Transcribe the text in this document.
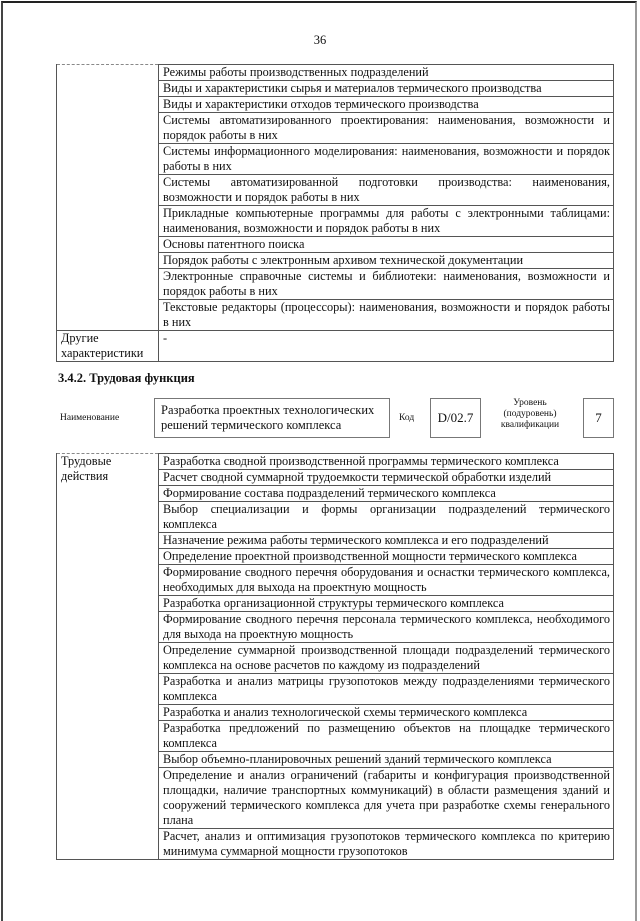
36
	Режимы работы производственных подразделений
	Виды и характеристики сырья и материалов термического производства
	Виды и характеристики отходов термического производства
	Системы автоматизированного проектирования: наименования, возможности и порядок работы в них
	Системы информационного моделирования: наименования, возможности и порядок работы в них
	Системы автоматизированной подготовки производства: наименования, возможности и порядок работы в них
	Прикладные компьютерные программы для работы с электронными таблицами: наименования, возможности и порядок работы в них
	Основы патентного поиска
	Порядок работы с электронным архивом технической документации
	Электронные справочные системы и библиотеки: наименования, возможности и порядок работы в них
	Текстовые редакторы (процессоры): наименования, возможности и порядок работы в них
Другие характеристики	-
3.4.2. Трудовая функция
Наименование
Разработка проектных технологических решений термического комплекса	Код	D/02.7
Уровень
(подуровень)
квалификации	7
Трудовые действия	Разработка сводной производственной программы термического комплекса
Расчет сводной суммарной трудоемкости термической обработки изделий
Формирование состава подразделений термического комплекса
Выбор специализации и формы организации подразделений термического комплекса
Назначение режима работы термического комплекса и его подразделений
Определение проектной производственной мощности термического комплекса
Формирование сводного перечня оборудования и оснастки термического комплекса, необходимых для выхода на проектную мощность
Разработка организационной структуры термического комплекса
Формирование сводного перечня персонала термического комплекса, необходимого для выхода на проектную мощность
Определение суммарной производственной площади подразделений термического комплекса на основе расчетов по каждому из подразделений
Разработка и анализ матрицы грузопотоков между подразделениями термического комплекса
Разработка и анализ технологической схемы термического комплекса
Разработка предложений по размещению объектов на площадке термического комплекса
Выбор объемно-планировочных решений зданий термического комплекса
Определение и анализ ограничений (габариты и конфигурация производственной площадки, наличие транспортных коммуникаций) в области размещения зданий и сооружений термического комплекса для учета при разработке схемы генерального плана
Расчет, анализ и оптимизация грузопотоков термического комплекса по критерию минимума суммарной мощности грузопотоков
